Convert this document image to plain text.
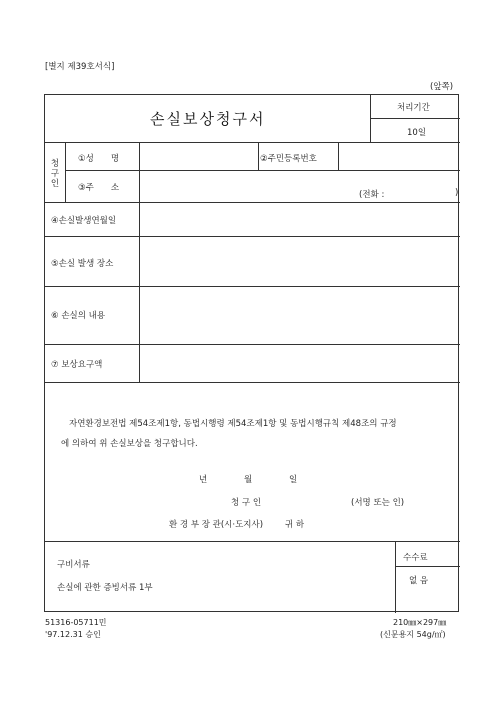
[별지 제39호서식]
(앞쪽)
손실보상청구서
처리기간
10일
청구인
①성　　명	②주민등록번호
③주　　소
(전화 :	)
④손실발생연월일
⑤손실 발생 장소
⑥ 손실의 내용
⑦ 보상요구액
자연환경보전법 제54조제1항, 동법시행령 제54조제1항 및 동법시행규칙 제48조의 규정
에 의하여 위 손실보상을 청구합니다.
년	월	일
청 구 인	(서명 또는 인)
환 경 부 장 관(시·도지사)	귀 하
구비서류
손실에 관한 증빙서류 1부
수수료
없 음
51316-05711민
'97.12.31 승인
210㎜×297㎜
(신문용지 54g/㎡)
